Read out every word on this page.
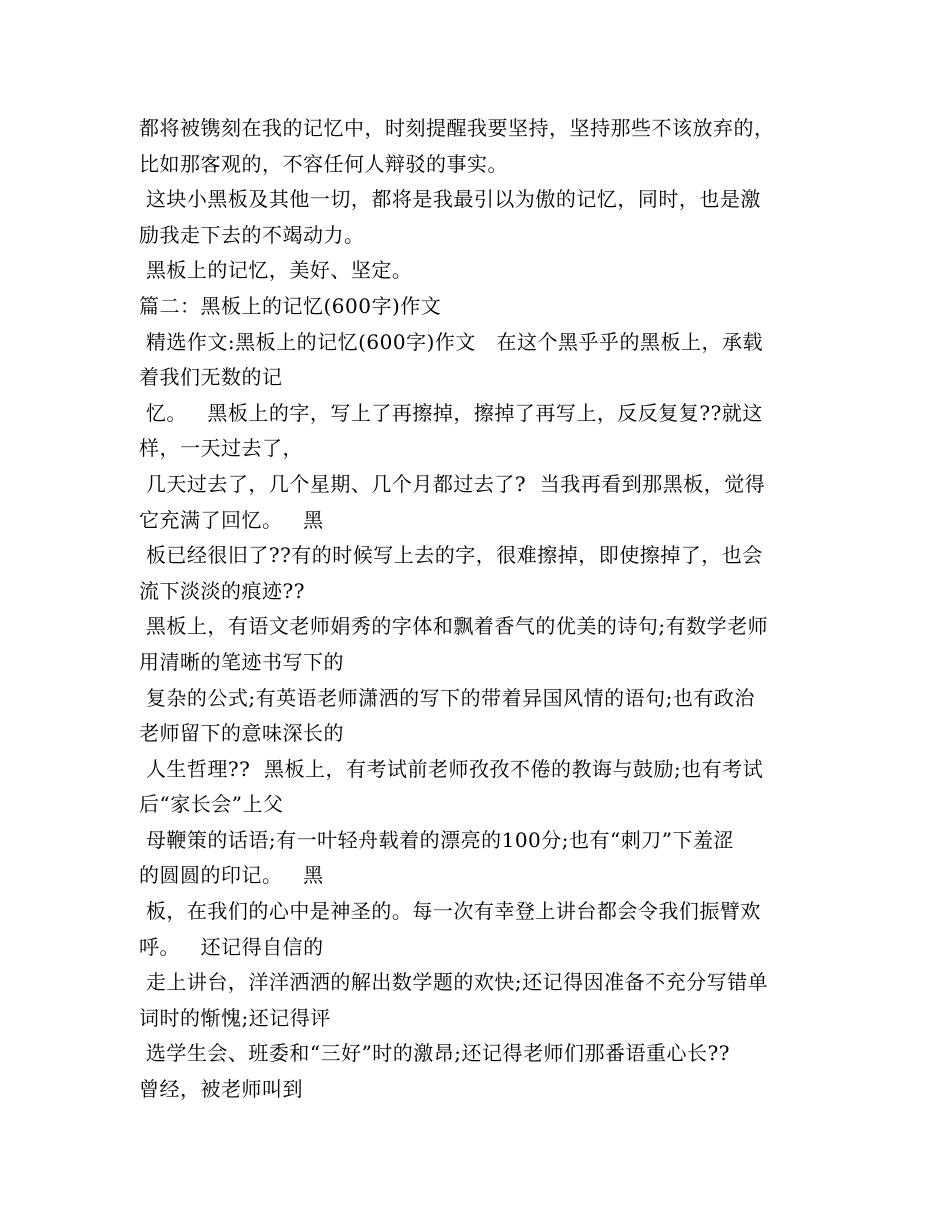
都将被镌刻在我的记忆中，时刻提醒我要坚持，坚持那些不该放弃的，
比如那客观的，不容任何人辩驳的事实。
这块小黑板及其他一切，都将是我最引以为傲的记忆，同时，也是激
励我走下去的不竭动力。
黑板上的记忆，美好、坚定。
篇二：黑板上的记忆(600字)作文
精选作文:黑板上的记忆(600字)作文   在这个黑乎乎的黑板上，承载
着我们无数的记
忆。   黑板上的字，写上了再擦掉，擦掉了再写上，反反复复??就这
样，一天过去了，
几天过去了，几个星期、几个月都过去了?  当我再看到那黑板，觉得
它充满了回忆。   黑
板已经很旧了??有的时候写上去的字，很难擦掉，即使擦掉了，也会
流下淡淡的痕迹??
黑板上，有语文老师娟秀的字体和飘着香气的优美的诗句;有数学老师
用清晰的笔迹书写下的
复杂的公式;有英语老师潇洒的写下的带着异国风情的语句;也有政治
老师留下的意味深长的
人生哲理??  黑板上，有考试前老师孜孜不倦的教诲与鼓励;也有考试
后“家长会”上父
母鞭策的话语;有一叶轻舟载着的漂亮的100分;也有“刺刀”下羞涩
的圆圆的印记。   黑
板，在我们的心中是神圣的。每一次有幸登上讲台都会令我们振臂欢
呼。   还记得自信的
走上讲台，洋洋洒洒的解出数学题的欢快;还记得因准备不充分写错单
词时的惭愧;还记得评
选学生会、班委和“三好”时的激昂;还记得老师们那番语重心长??
曾经，被老师叫到
